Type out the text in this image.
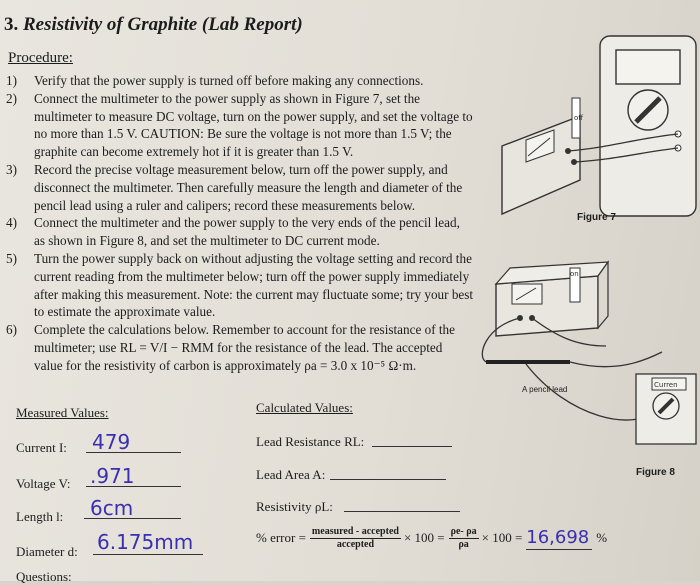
3. Resistivity of Graphite (Lab Report)
Procedure:
1) Verify that the power supply is turned off before making any connections.
2) Connect the multimeter to the power supply as shown in Figure 7, set the multimeter to measure DC voltage, turn on the power supply, and set the voltage to no more than 1.5 V. CAUTION: Be sure the voltage is not more than 1.5 V; the graphite can become extremely hot if it is greater than 1.5 V.
3) Record the precise voltage measurement below, turn off the power supply, and disconnect the multimeter. Then carefully measure the length and diameter of the pencil lead using a ruler and calipers; record these measurements below.
4) Connect the multimeter and the power supply to the very ends of the pencil lead, as shown in Figure 8, and set the multimeter to DC current mode.
5) Turn the power supply back on without adjusting the voltage setting and record the current reading from the multimeter below; turn off the power supply immediately after making this measurement. Note: the current may fluctuate some; try your best to estimate the approximate value.
6) Complete the calculations below. Remember to account for the resistance of the multimeter; use RL = V/I − RMM for the resistance of the lead. The accepted value for the resistivity of carbon is approximately ρa = 3.0 x 10⁻⁵ Ω·m.
Measured Values:
Current I:	479
Voltage V: .971
Length l:	6cm
Diameter d: 6.175mm
Calculated Values:
Lead Resistance RL:
Lead Area A:
Resistivity ρL:
% error = $\frac{\text{measured - accepted}}{\text{accepted}} \times 100 = \frac{\rho e- \rho a}{\rho a} \times 100 = 16,698$ %
Questions:
off
Figure 7
on
Curren
A pencil lead
Figure 8
